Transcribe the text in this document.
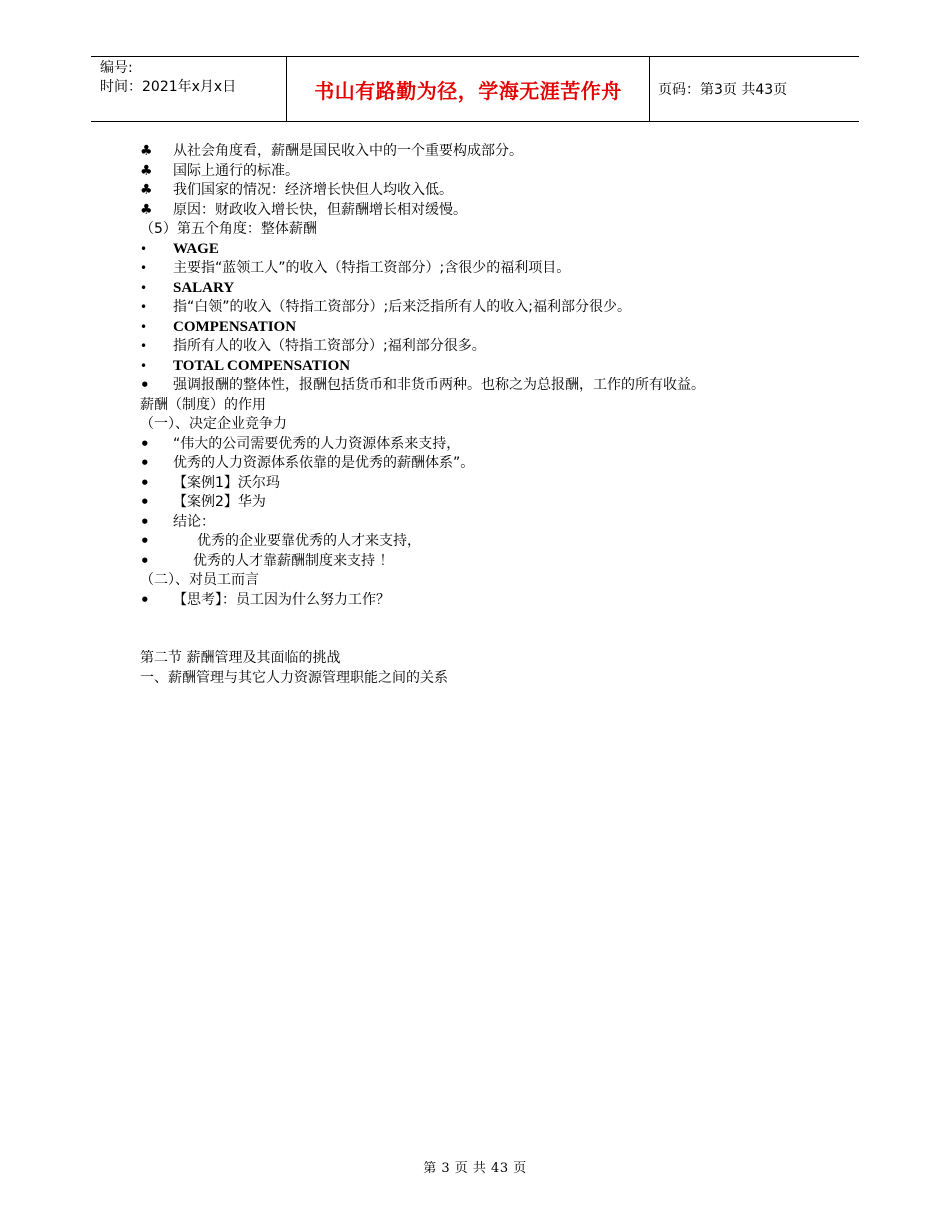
编号:
时间：2021年x月x日	书山有路勤为径，学海无涯苦作舟	页码：第3页 共43页
♣	从社会角度看，薪酬是国民收入中的一个重要构成部分。
♣	国际上通行的标准。
♣	我们国家的情况：经济增长快但人均收入低。
♣	原因：财政收入增长快，但薪酬增长相对缓慢。
（5）第五个角度：整体薪酬
•	WAGE
•	主要指“蓝领工人”的收入（特指工资部分）;含很少的福利项目。
•	SALARY
•	指“白领”的收入（特指工资部分）;后来泛指所有人的收入;福利部分很少。
•	COMPENSATION
•	指所有人的收入（特指工资部分）;福利部分很多。
•	TOTAL COMPENSATION
•	强调报酬的整体性，报酬包括货币和非货币两种。也称之为总报酬，工作的所有收益。
薪酬（制度）的作用
（一）、决定企业竞争力
•	“伟大的公司需要优秀的人力资源体系来支持，
•	优秀的人力资源体系依靠的是优秀的薪酬体系”。
•	【案例1】沃尔玛
•	【案例2】华为
•	结论：
•	优秀的企业要靠优秀的人才来支持，
•	优秀的人才靠薪酬制度来支持 ！
（二）、对员工而言
•	【思考】：员工因为什么努力工作？
第二节 薪酬管理及其面临的挑战
一、薪酬管理与其它人力资源管理职能之间的关系
第 3 页 共 43 页
